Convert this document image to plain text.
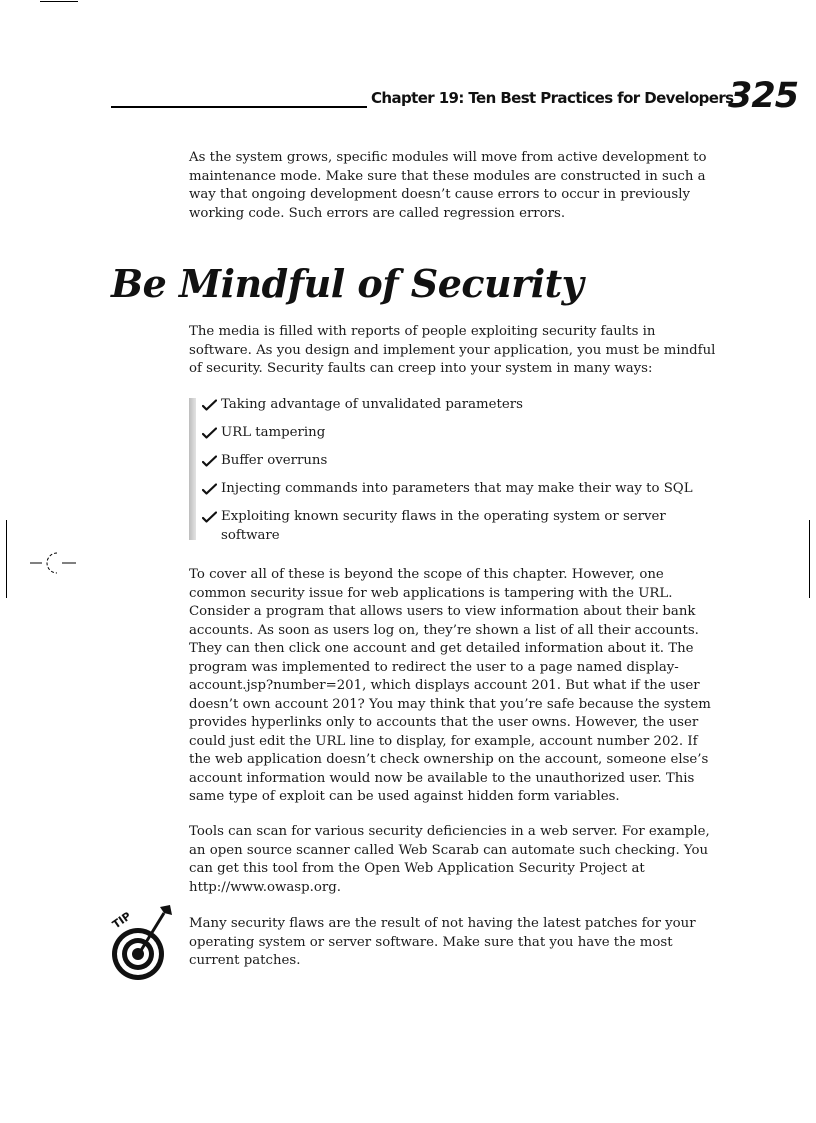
Chapter 19: Ten Best Practices for Developers
325

As the system grows, specific modules will move from active development to maintenance mode. Make sure that these modules are constructed in such a way that ongoing development doesn’t cause errors to occur in previously working code. Such errors are called regression errors.

Be Mindful of Security

The media is filled with reports of people exploiting security faults in software. As you design and implement your application, you must be mindful of security. Security faults can creep into your system in many ways:

Taking advantage of unvalidated parameters
URL tampering
Buffer overruns
Injecting commands into parameters that may make their way to SQL
Exploiting known security flaws in the operating system or server software

To cover all of these is beyond the scope of this chapter. However, one common security issue for web applications is tampering with the URL. Consider a program that allows users to view information about their bank accounts. As soon as users log on, they’re shown a list of all their accounts. They can then click one account and get detailed information about it. The program was implemented to redirect the user to a page named display-account.jsp?number=201, which displays account 201. But what if the user doesn’t own account 201? You may think that you’re safe because the system provides hyperlinks only to accounts that the user owns. However, the user could just edit the URL line to display, for example, account number 202. If the web application doesn’t check ownership on the account, someone else’s account information would now be available to the unauthorized user. This same type of exploit can be used against hidden form variables.

Tools can scan for various security deficiencies in a web server. For example, an open source scanner called Web Scarab can automate such checking. You can get this tool from the Open Web Application Security Project at http://www.owasp.org.

TIP	Many security flaws are the result of not having the latest patches for your operating system or server software. Make sure that you have the most current patches.
